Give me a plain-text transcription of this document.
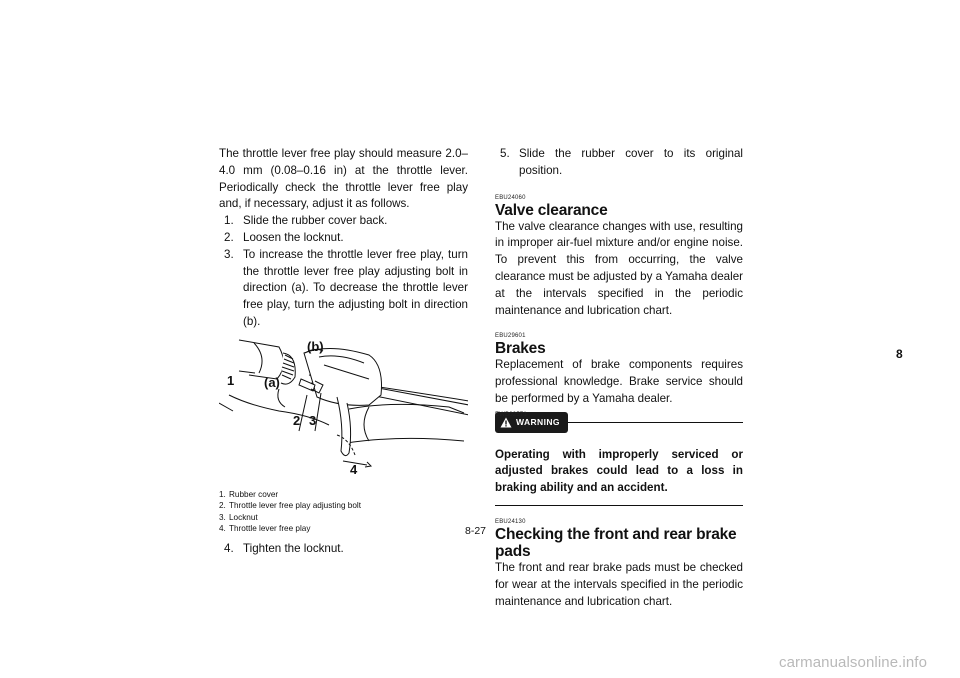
The throttle lever free play should measure 2.0–4.0 mm (0.08–0.16 in) at the throttle lever. Periodically check the throttle lever free play and, if necessary, adjust it as follows.

1. Slide the rubber cover back.
2. Loosen the locknut.
3. To increase the throttle lever free play, turn the throttle lever free play adjusting bolt in direction (a). To decrease the throttle lever free play, turn the adjusting bolt in direction (b).
1 (a)
(b)
2 3
4
1. Rubber cover
2. Throttle lever free play adjusting bolt
3. Locknut
4. Throttle lever free play
4. Tighten the locknut.
5. Slide the rubber cover to its original position.
EBU24060
Valve clearance

The valve clearance changes with use, resulting in improper air-fuel mixture and/or engine noise. To prevent this from occurring, the valve clearance must be adjusted by a Yamaha dealer at the intervals specified in the periodic maintenance and lubrication chart.

EBU29601
Brakes

Replacement of brake components requires professional knowledge. Brake service should be performed by a Yamaha dealer.

WARNING
EWB02571

Operating with improperly serviced or adjusted brakes could lead to a loss in braking ability and an accident.

EBU24130
Checking the front and rear brake pads

The front and rear brake pads must be checked for wear at the intervals specified in the periodic maintenance and lubrication chart.

8
8-27
carmanualsonline.info
